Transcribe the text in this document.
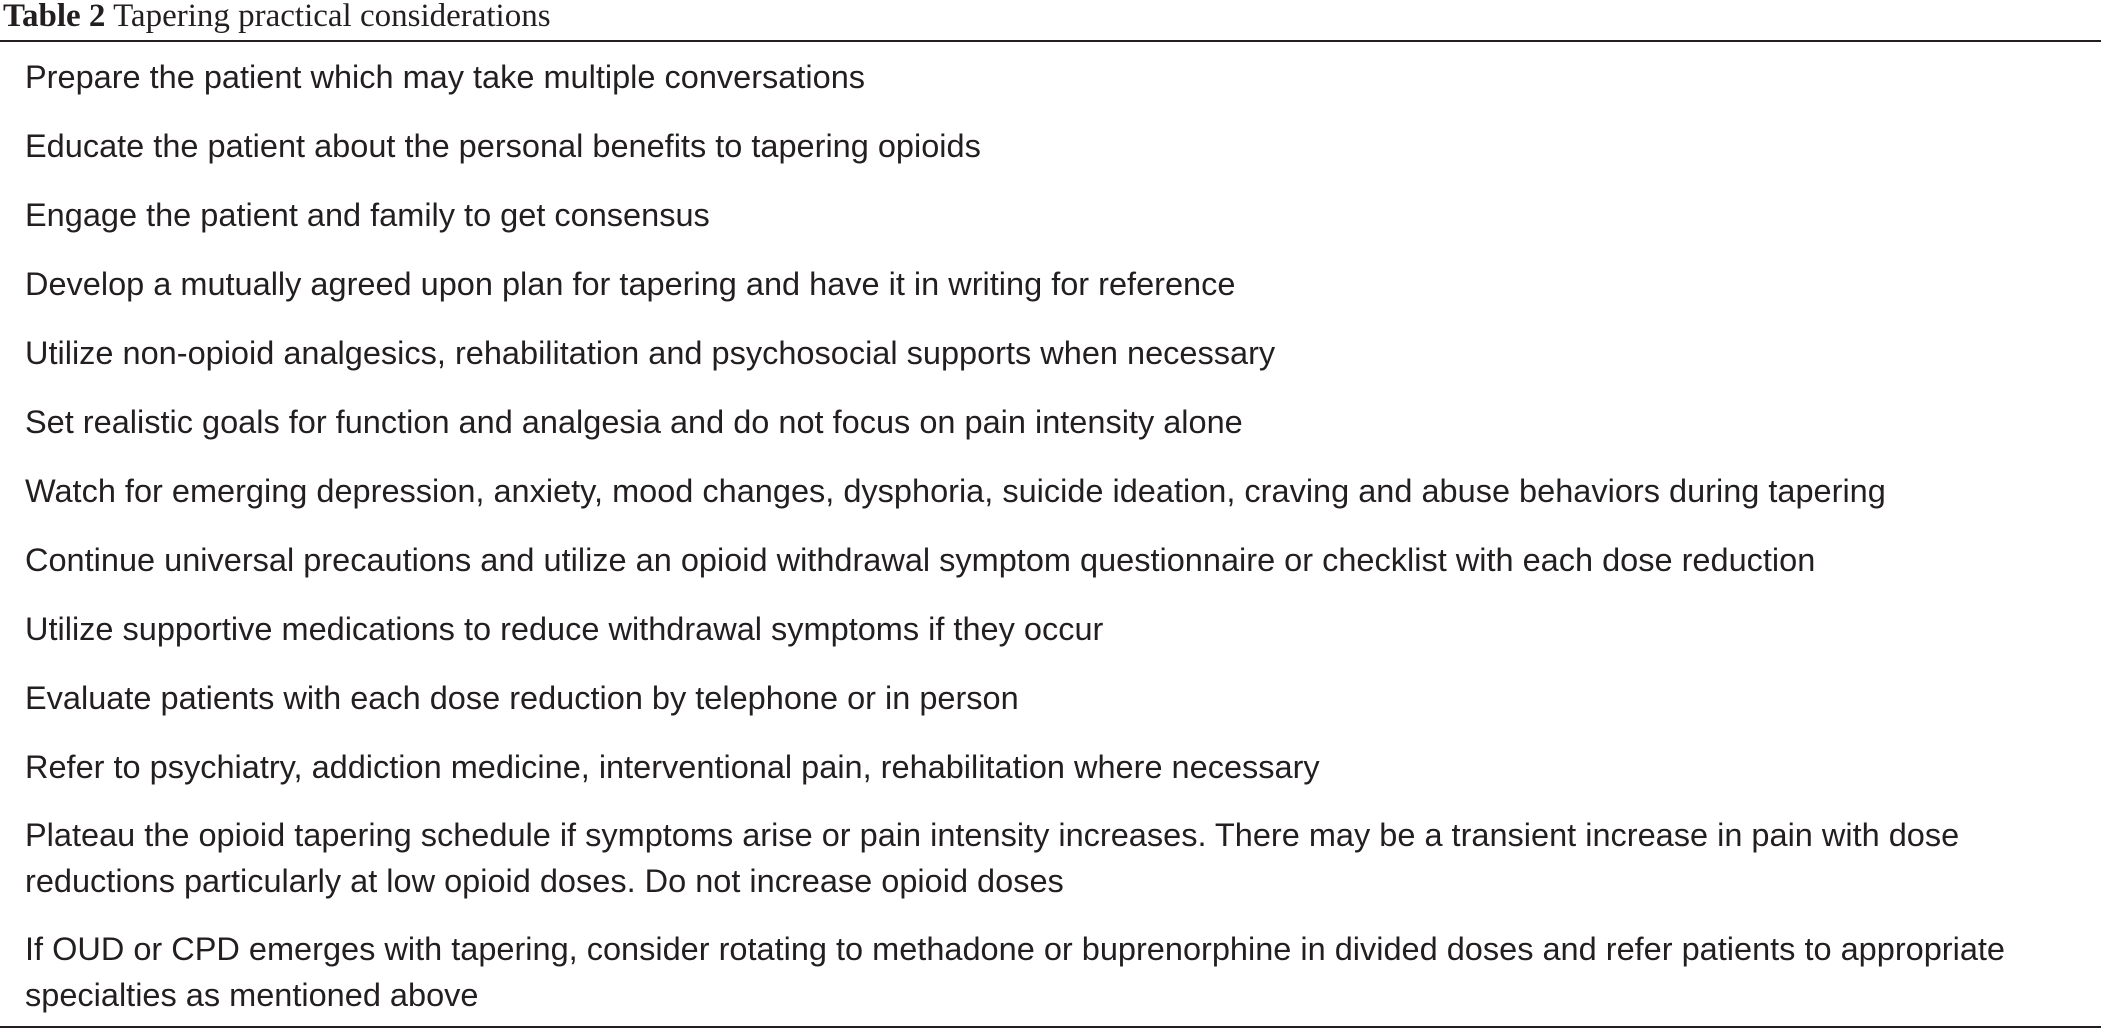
Table 2 Tapering practical considerations
Prepare the patient which may take multiple conversations
Educate the patient about the personal benefits to tapering opioids
Engage the patient and family to get consensus
Develop a mutually agreed upon plan for tapering and have it in writing for reference
Utilize non-opioid analgesics, rehabilitation and psychosocial supports when necessary
Set realistic goals for function and analgesia and do not focus on pain intensity alone
Watch for emerging depression, anxiety, mood changes, dysphoria, suicide ideation, craving and abuse behaviors during tapering
Continue universal precautions and utilize an opioid withdrawal symptom questionnaire or checklist with each dose reduction
Utilize supportive medications to reduce withdrawal symptoms if they occur
Evaluate patients with each dose reduction by telephone or in person
Refer to psychiatry, addiction medicine, interventional pain, rehabilitation where necessary
Plateau the opioid tapering schedule if symptoms arise or pain intensity increases. There may be a transient increase in pain with dose reductions particularly at low opioid doses. Do not increase opioid doses
If OUD or CPD emerges with tapering, consider rotating to methadone or buprenorphine in divided doses and refer patients to appropriate specialties as mentioned above
